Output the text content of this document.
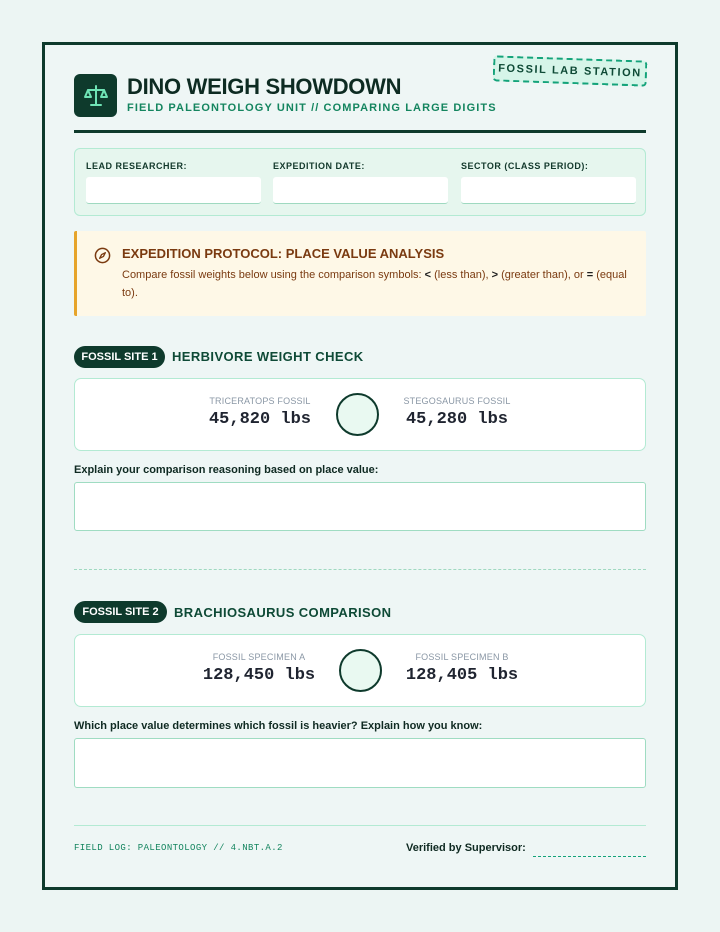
FOSSIL LAB STATION
DINO WEIGH SHOWDOWN
FIELD PALEONTOLOGY UNIT // COMPARING LARGE DIGITS
LEAD RESEARCHER:	EXPEDITION DATE:	SECTOR (CLASS PERIOD):
EXPEDITION PROTOCOL: PLACE VALUE ANALYSIS
Compare fossil weights below using the comparison symbols: < (less than), > (greater than), or = (equal to).
FOSSIL SITE 1	HERBIVORE WEIGHT CHECK
TRICERATOPS FOSSIL
45,820 lbs
STEGOSAURUS FOSSIL
45,280 lbs
Explain your comparison reasoning based on place value:
FOSSIL SITE 2	BRACHIOSAURUS COMPARISON
FOSSIL SPECIMEN A
128,450 lbs
FOSSIL SPECIMEN B
128,405 lbs
Which place value determines which fossil is heavier? Explain how you know:
FIELD LOG: PALEONTOLOGY // 4.NBT.A.2	Verified by Supervisor:
